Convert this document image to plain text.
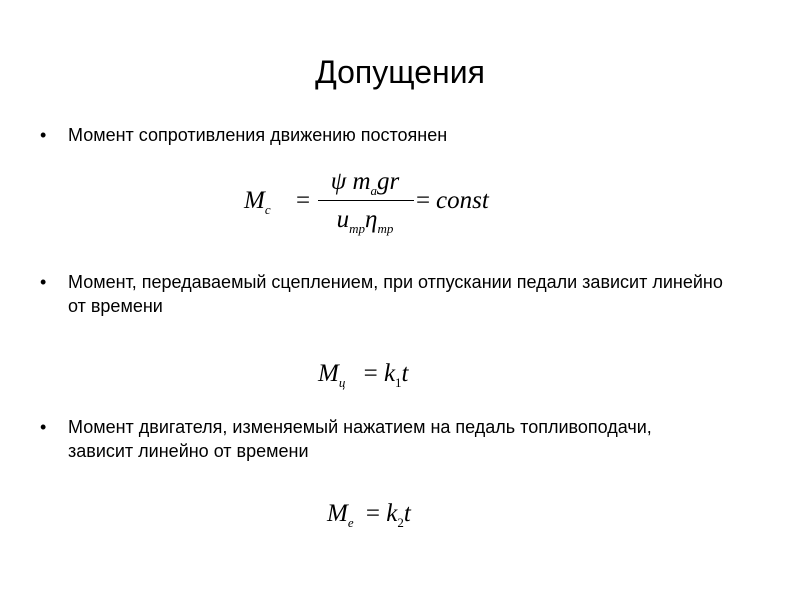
Допущения
• Момент сопротивления движению постоянен
$M_c$ =
ψ $m_agr$
$u_{тр}\eta_{тр}$
= const
• Момент, передаваемый сцеплением, при отпускании педали зависит линейно от времени
$M_ц = k_1t$
• Момент двигателя, изменяемый нажатием на педаль топливоподачи, зависит линейно от времени
$M_e = k_2t$
